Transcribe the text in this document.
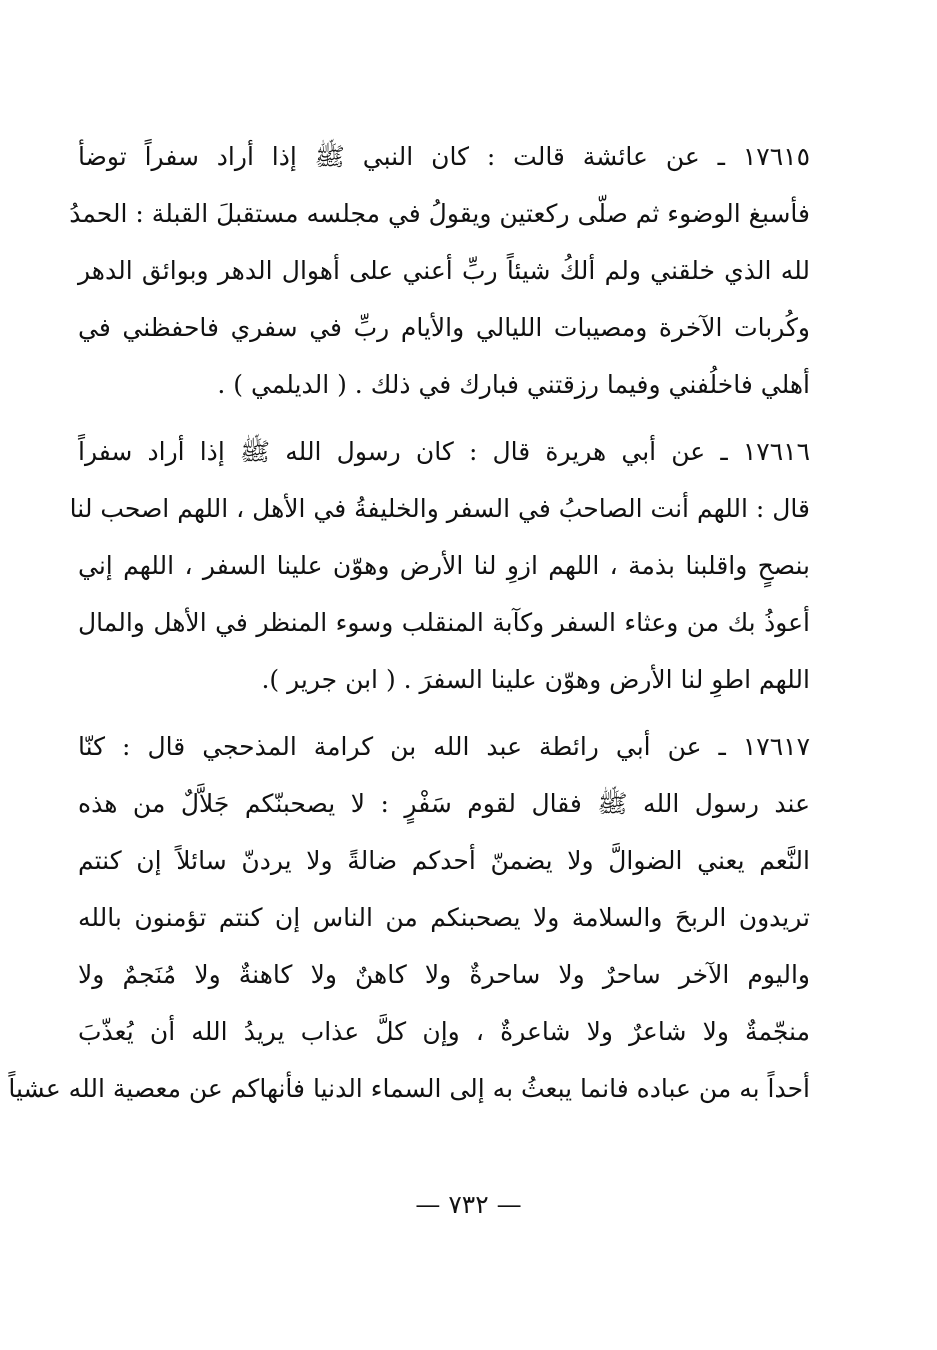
١٧٦١٥ ـ عن عائشة قالت : كان النبي ﷺ إذا أراد سفراً توضأ
فأسبغ الوضوء ثم صلّى ركعتين ويقولُ في مجلسه مستقبلَ القبلة : الحمدُ
لله الذي خلقني ولم ألكُ شيئاً ربِّ أعني على أهوال الدهر وبوائق الدهر
وكُربات الآخرة ومصيبات الليالي والأيام ربِّ في سفري فاحفظني في
أهلي فاخلُفني وفيما رزقتني فبارك في ذلك . ( الديلمي ) .
١٧٦١٦ ـ عن أبي هريرة قال : كان رسول الله ﷺ إذا أراد سفراً
قال : اللهم أنت الصاحبُ في السفر والخليفةُ في الأهل ، اللهم اصحب لنا
بنصحٍ واقلبنا بذمة ، اللهم ازوِ لنا الأرض وهوّن علينا السفر ، اللهم إني
أعوذُ بك من وعثاء السفر وكآبة المنقلب وسوء المنظر في الأهل والمال
اللهم اطوِ لنا الأرض وهوّن علينا السفرَ . ( ابن جرير ).
١٧٦١٧ ـ عن أبي رائطة عبد الله بن كرامة المذحجي قال : كنّا
عند رسول الله ﷺ فقال لقوم سَفْرٍ : لا يصحبنّكم جَلاَّلٌ من هذه
النَّعم يعني الضوالَّ ولا يضمنّ أحدكم ضالةً ولا يردنّ سائلاً إن كنتم
تريدون الربحَ والسلامة ولا يصحبنكم من الناس إن كنتم تؤمنون بالله
واليوم الآخر ساحرٌ ولا ساحرةٌ ولا كاهنٌ ولا كاهنةٌ ولا مُنَجمٌ ولا
منجّمةٌ ولا شاعرٌ ولا شاعرةٌ ، وإن كلَّ عذاب يريدُ الله أن يُعذّبَ
أحداً به من عباده فانما يبعثُ به إلى السماء الدنيا فأنهاكم عن معصية الله عشياً
— ٧٣٢ —
